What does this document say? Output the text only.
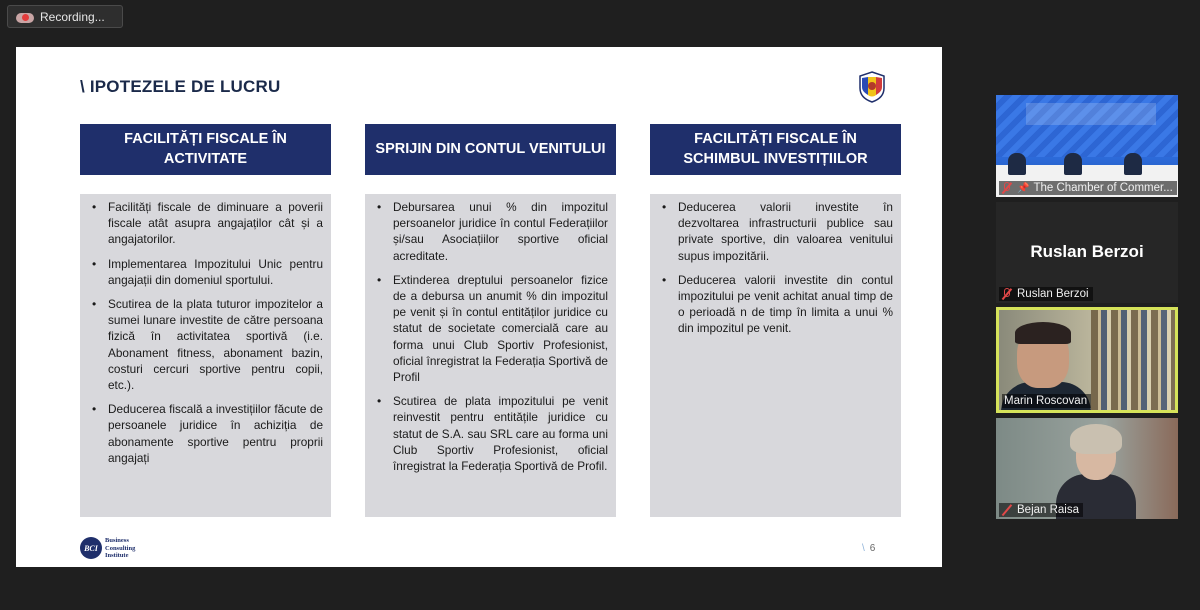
Recording...
\ IPOTEZELE DE LUCRU
FACILITĂȚI FISCALE ÎN ACTIVITATE
SPRIJIN DIN CONTUL VENITULUI
FACILITĂȚI FISCALE ÎN SCHIMBUL INVESTIȚIILOR
• Facilități fiscale de diminuare a poverii fiscale atât asupra angajaților cât și a angajatorilor.
• Implementarea Impozitului Unic pentru angajații din domeniul sportului.
• Scutirea de la plata tuturor impozitelor a sumei lunare investite de către persoana fizică în activitatea sportivă (i.e. Abonament fitness, abonament bazin, costuri cercuri sportive pentru copii, etc.).
• Deducerea fiscală a investițiilor făcute de persoanele juridice în achiziția de abonamente sportive pentru proprii angajați
• Debursarea unui % din impozitul persoanelor juridice în contul Federațiilor și/sau Asociațiilor sportive oficial acreditate.
• Extinderea dreptului persoanelor fizice de a debursa un anumit % din impozitul pe venit și în contul entităților juridice cu statut de societate comercială care au forma unui Club Sportiv Profesionist, oficial înregistrat la Federația Sportivă de Profil
• Scutirea de plata impozitului pe venit reinvestit pentru entitățile juridice cu statut de S.A. sau SRL care au forma uni Club Sportiv Profesionist, oficial înregistrat la Federația Sportivă de Profil.
• Deducerea valorii investite în dezvoltarea infrastructurii publice sau private sportive, din valoarea venitului supus impozitării.
• Deducerea valorii investite din contul impozitului pe venit achitat anual timp de o perioadă n de timp în limita a unui % din impozitul pe venit.
BCI
Business
Consulting
Institute
\ 6
📌 The Chamber of Commer...
Ruslan Berzoi
Ruslan Berzoi
Marin Roscovan
Bejan Raisa
